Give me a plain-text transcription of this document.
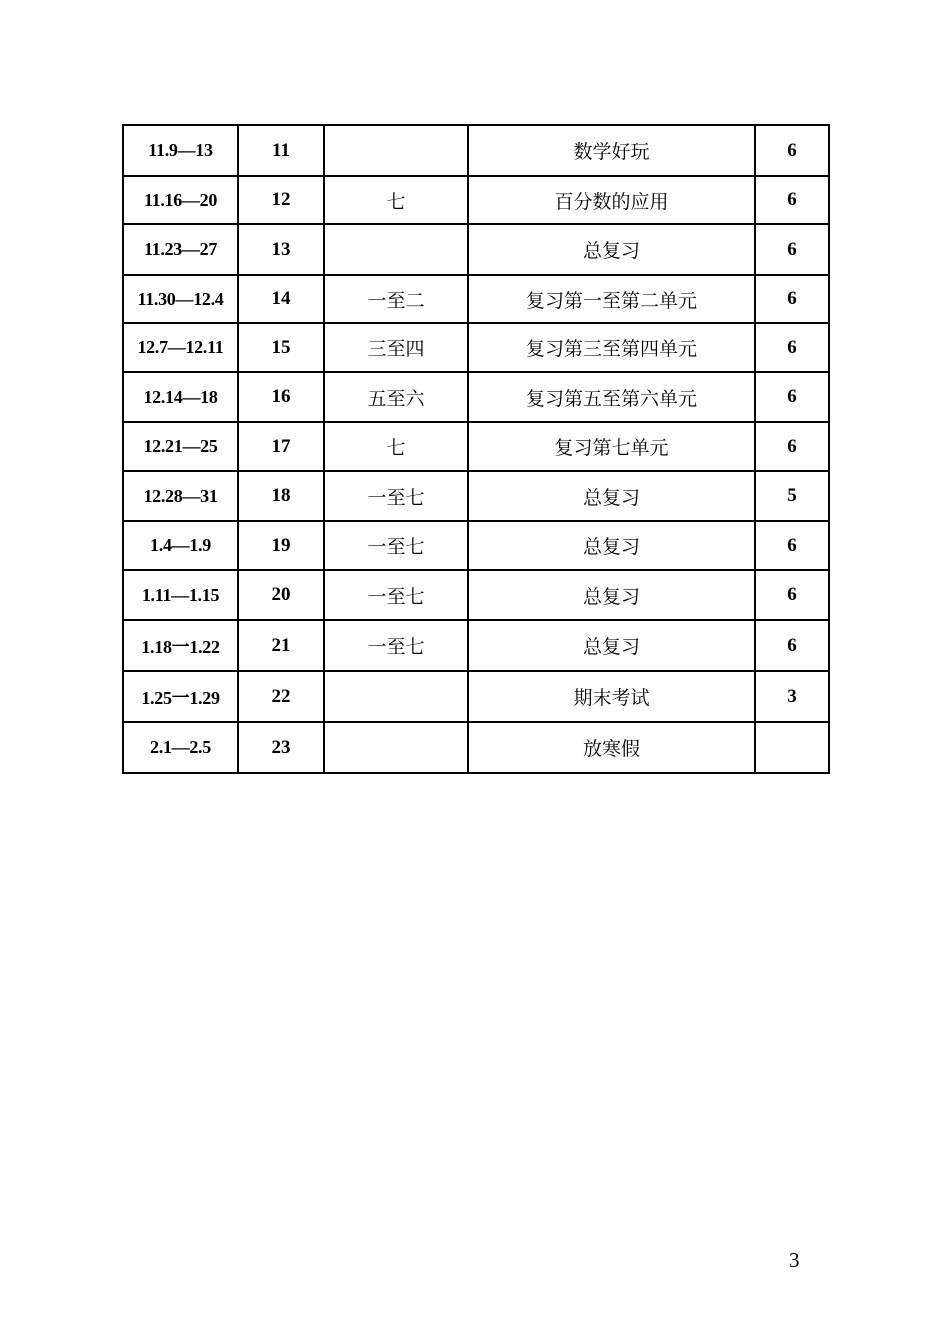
11.9—13	11		数学好玩	6
11.16—20	12	七	百分数的应用	6
11.23—27	13		总复习	6
11.30—12.4	14	一至二	复习第一至第二单元	6
12.7—12.11	15	三至四	复习第三至第四单元	6
12.14—18	16	五至六	复习第五至第六单元	6
12.21—25	17	七	复习第七单元	6
12.28—31	18	一至七	总复习	5
1.4—1.9	19	一至七	总复习	6
1.11—1.15	20	一至七	总复习	6
1.18一1.22	21	一至七	总复习	6
1.25一1.29	22		期末考试	3
2.1—2.5	23		放寒假	
3
